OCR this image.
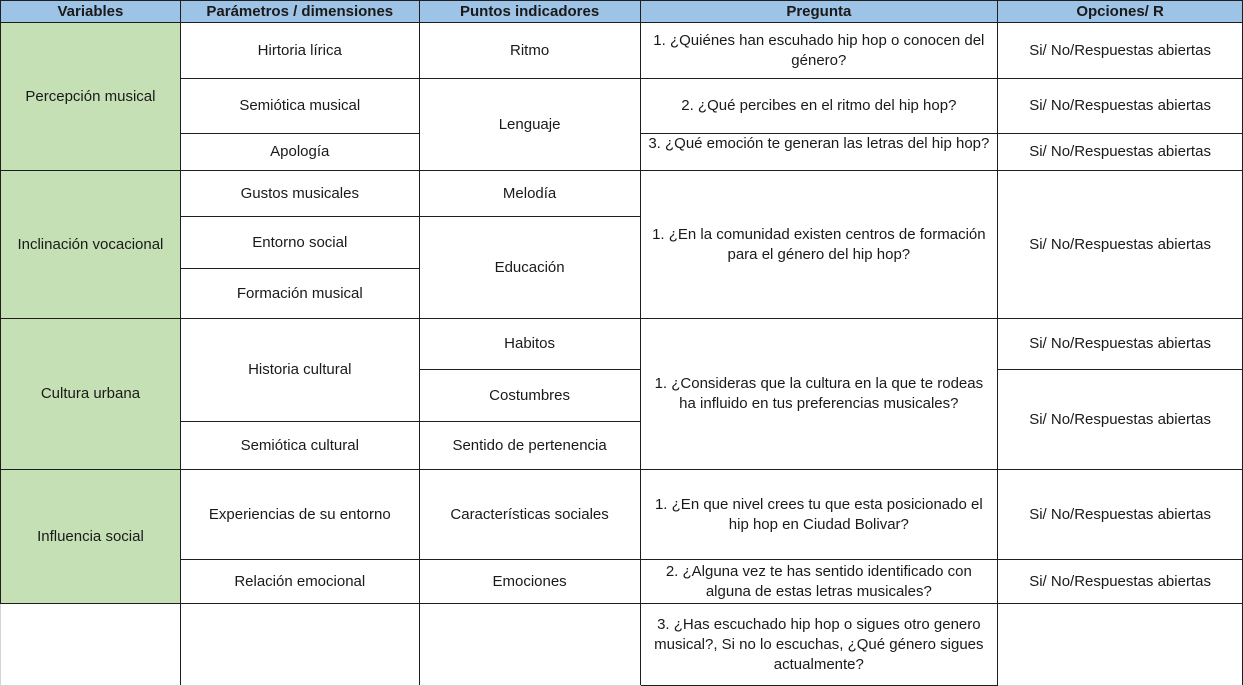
Variables	Parámetros / dimensiones	Puntos indicadores	Pregunta	Opciones/ R
Percepción musical	Hirtoria lírica	Ritmo	1. ¿Quiénes han escuhado hip hop o conocen del género?	Si/ No/Respuestas abiertas
	Semiótica musical	Lenguaje	2. ¿Qué percibes en el ritmo del hip hop?	Si/ No/Respuestas abiertas
	Apología		3. ¿Qué emoción te generan las letras del hip hop?	Si/ No/Respuestas abiertas
Inclinación vocacional	Gustos musicales	Melodía	1. ¿En la comunidad existen centros de formación para el género del hip hop?	Si/ No/Respuestas abiertas
	Entorno social	Educación		
	Formación musical			
Cultura urbana	Historia cultural	Habitos	1. ¿Consideras que la cultura en la que te rodeas ha influido en tus preferencias musicales?	Si/ No/Respuestas abiertas
		Costumbres		Si/ No/Respuestas abiertas
	Semiótica cultural	Sentido de pertenencia		
Influencia social	Experiencias de su entorno	Características sociales	1. ¿En que nivel crees tu que esta posicionado el hip hop en Ciudad Bolivar?	Si/ No/Respuestas abiertas
	Relación emocional	Emociones	2. ¿Alguna vez te has sentido identificado con alguna de estas letras musicales?	Si/ No/Respuestas abiertas
			3. ¿Has escuchado hip hop o sigues otro genero musical?, Si no lo escuchas, ¿Qué género sigues actualmente?	
